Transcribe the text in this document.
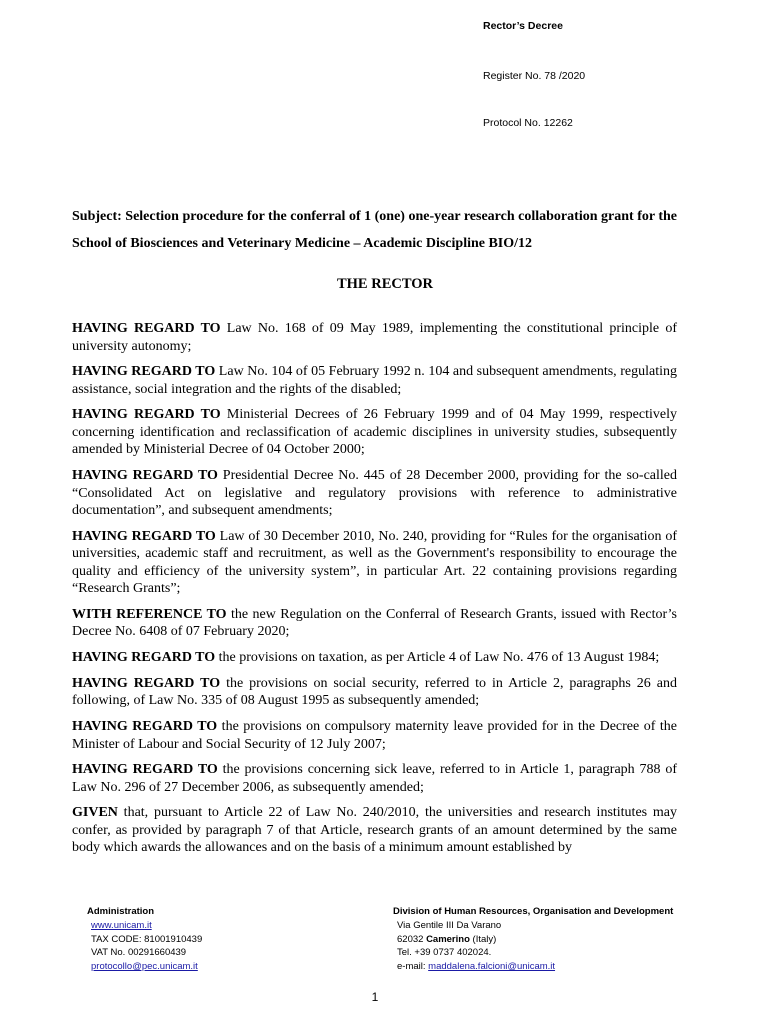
Rector’s Decree
Register No. 78 /2020
Protocol No. 12262

Subject: Selection procedure for the conferral of 1 (one) one-year research collaboration grant for the School of Biosciences and Veterinary Medicine – Academic Discipline BIO/12

THE RECTOR

HAVING REGARD TO Law No. 168 of 09 May 1989, implementing the constitutional principle of university autonomy;

HAVING REGARD TO Law No. 104 of 05 February 1992 n. 104 and subsequent amendments, regulating assistance, social integration and the rights of the disabled;

HAVING REGARD TO Ministerial Decrees of 26 February 1999 and of 04 May 1999, respectively concerning identification and reclassification of academic disciplines in university studies, subsequently amended by Ministerial Decree of 04 October 2000;

HAVING REGARD TO Presidential Decree No. 445 of 28 December 2000, providing for the so-called “Consolidated Act on legislative and regulatory provisions with reference to administrative documentation”, and subsequent amendments;

HAVING REGARD TO Law of 30 December 2010, No. 240, providing for “Rules for the organisation of universities, academic staff and recruitment, as well as the Government's responsibility to encourage the quality and efficiency of the university system”, in particular Art. 22 containing provisions regarding “Research Grants”;

WITH REFERENCE TO the new Regulation on the Conferral of Research Grants, issued with Rector’s Decree No. 6408 of 07 February 2020;

HAVING REGARD TO the provisions on taxation, as per Article 4 of Law No. 476 of 13 August 1984;

HAVING REGARD TO the provisions on social security, referred to in Article 2, paragraphs 26 and following, of Law No. 335 of 08 August 1995 as subsequently amended;

HAVING REGARD TO the provisions on compulsory maternity leave provided for in the Decree of the Minister of Labour and Social Security of 12 July 2007;

HAVING REGARD TO the provisions concerning sick leave, referred to in Article 1, paragraph 788 of Law No. 296 of 27 December 2006, as subsequently amended;

GIVEN that, pursuant to Article 22 of Law No. 240/2010, the universities and research institutes may confer, as provided by paragraph 7 of that Article, research grants of an amount determined by the same body which awards the allowances and on the basis of a minimum amount established by

Administration
www.unicam.it
TAX CODE: 81001910439
VAT No. 00291660439
protocollo@pec.unicam.it
Division of Human Resources, Organisation and Development
Via Gentile III Da Varano
62032 Camerino (Italy)
Tel. +39 0737 402024.
e-mail: maddalena.falcioni@unicam.it
1
